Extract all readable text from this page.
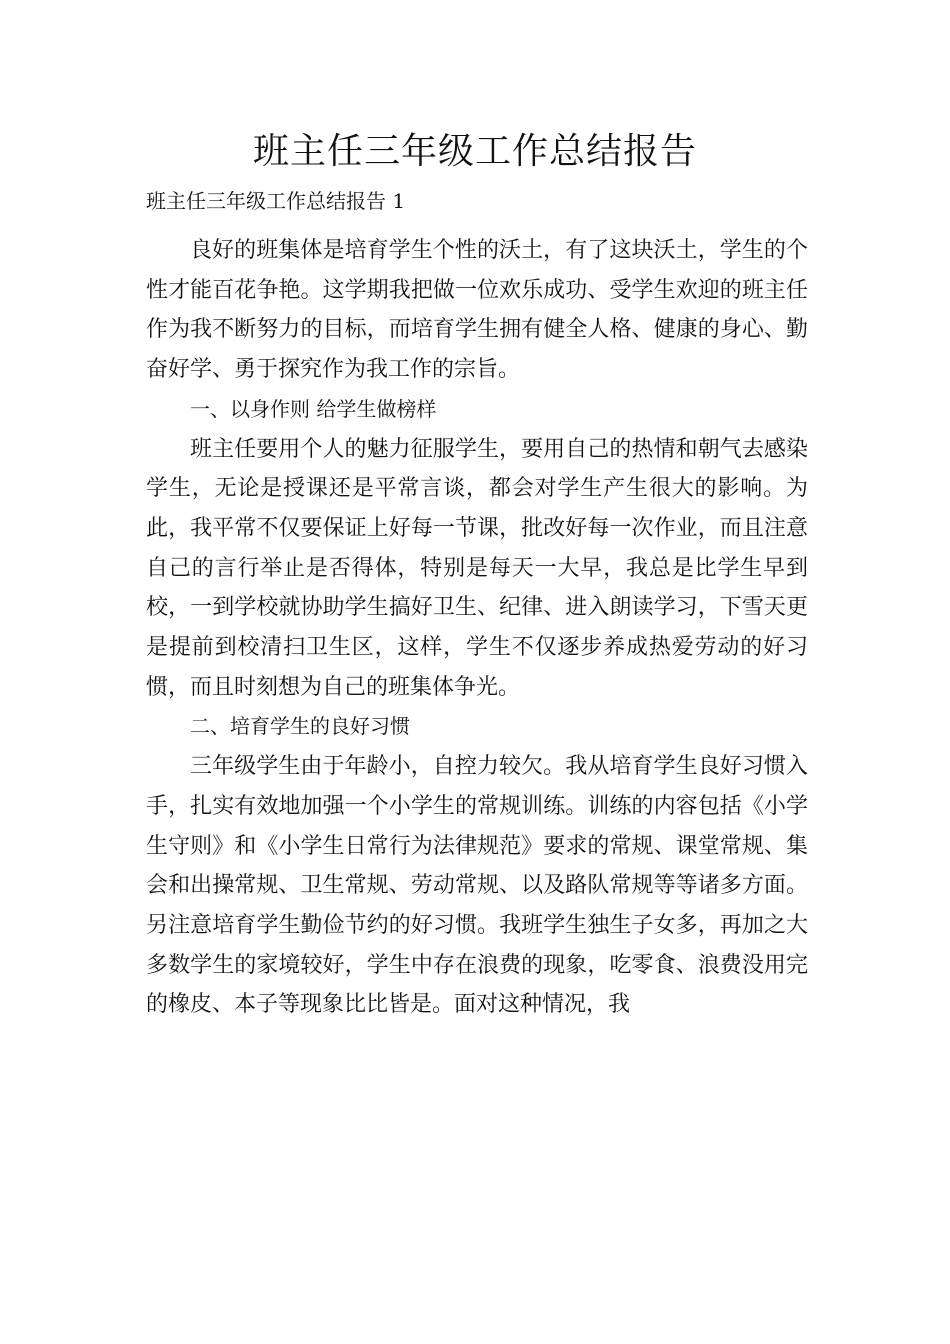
班主任三年级工作总结报告

班主任三年级工作总结报告 1

良好的班集体是培育学生个性的沃土，有了这块沃土，学生的个性才能百花争艳。这学期我把做一位欢乐成功、受学生欢迎的班主任作为我不断努力的目标，而培育学生拥有健全人格、健康的身心、勤奋好学、勇于探究作为我工作的宗旨。

一、以身作则 给学生做榜样

班主任要用个人的魅力征服学生，要用自己的热情和朝气去感染学生，无论是授课还是平常言谈，都会对学生产生很大的影响。为此，我平常不仅要保证上好每一节课，批改好每一次作业，而且注意自己的言行举止是否得体，特别是每天一大早，我总是比学生早到校，一到学校就协助学生搞好卫生、纪律、进入朗读学习，下雪天更是提前到校清扫卫生区，这样，学生不仅逐步养成热爱劳动的好习惯，而且时刻想为自己的班集体争光。

二、培育学生的良好习惯

三年级学生由于年龄小，自控力较欠。我从培育学生良好习惯入手，扎实有效地加强一个小学生的常规训练。训练的内容包括《小学生守则》和《小学生日常行为法律规范》要求的常规、课堂常规、集会和出操常规、卫生常规、劳动常规、以及路队常规等等诸多方面。另注意培育学生勤俭节约的好习惯。我班学生独生子女多，再加之大多数学生的家境较好，学生中存在浪费的现象，吃零食、浪费没用完的橡皮、本子等现象比比皆是。面对这种情况，我
